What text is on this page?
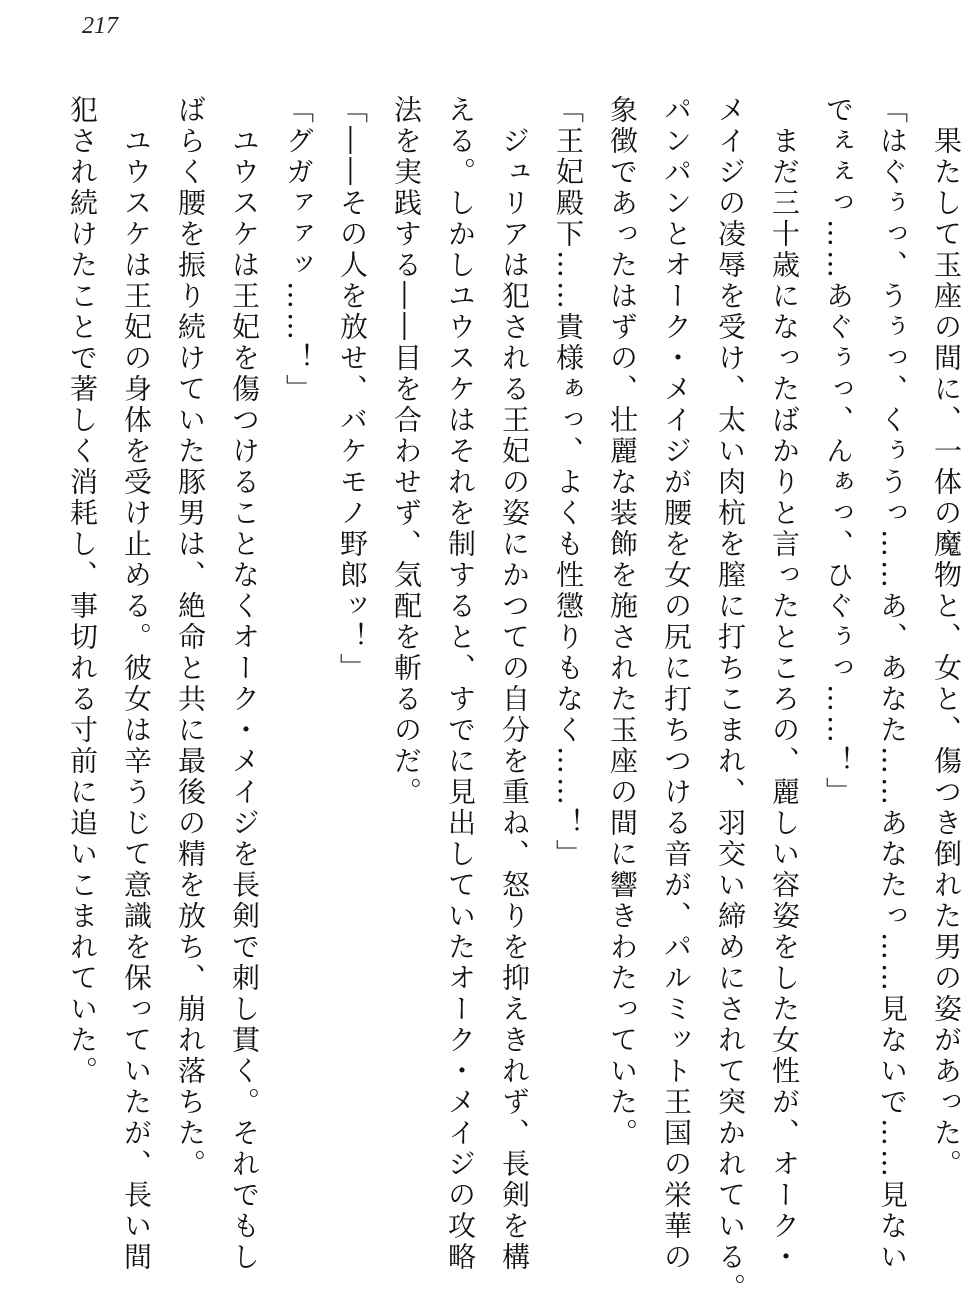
217
　果たして玉座の間に、一体の魔物と、女と、傷つき倒れた男の姿があった。
「はぐぅっ、うぅっ、くぅうっ……あ、あなた……あなたっ……見ないで……見ない
でぇぇっ……あぐぅっ、んぁっ、ひぐぅっ……！」
　まだ三十歳になったばかりと言ったところの、麗しい容姿をした女性が、オーク・
メイジの凌辱を受け、太い肉杭を膣に打ちこまれ、羽交い締めにされて突かれている。
パンパンとオーク・メイジが腰を女の尻に打ちつける音が、パルミット王国の栄華の
象徴であったはずの、壮麗な装飾を施された玉座の間に響きわたっていた。
「王妃殿下……貴様ぁっ、よくも性懲りもなく……！」
　ジュリアは犯される王妃の姿にかつての自分を重ね、怒りを抑えきれず、長剣を構
える。しかしユウスケはそれを制すると、すでに見出していたオーク・メイジの攻略
法を実践する――目を合わせず、気配を斬るのだ。
「――その人を放せ、バケモノ野郎ッ！」
「グガァァッ……！」
　ユウスケは王妃を傷つけることなくオーク・メイジを長剣で刺し貫く。それでもし
ばらく腰を振り続けていた豚男は、絶命と共に最後の精を放ち、崩れ落ちた。
　ユウスケは王妃の身体を受け止める。彼女は辛うじて意識を保っていたが、長い間
犯され続けたことで著しく消耗し、事切れる寸前に追いこまれていた。
